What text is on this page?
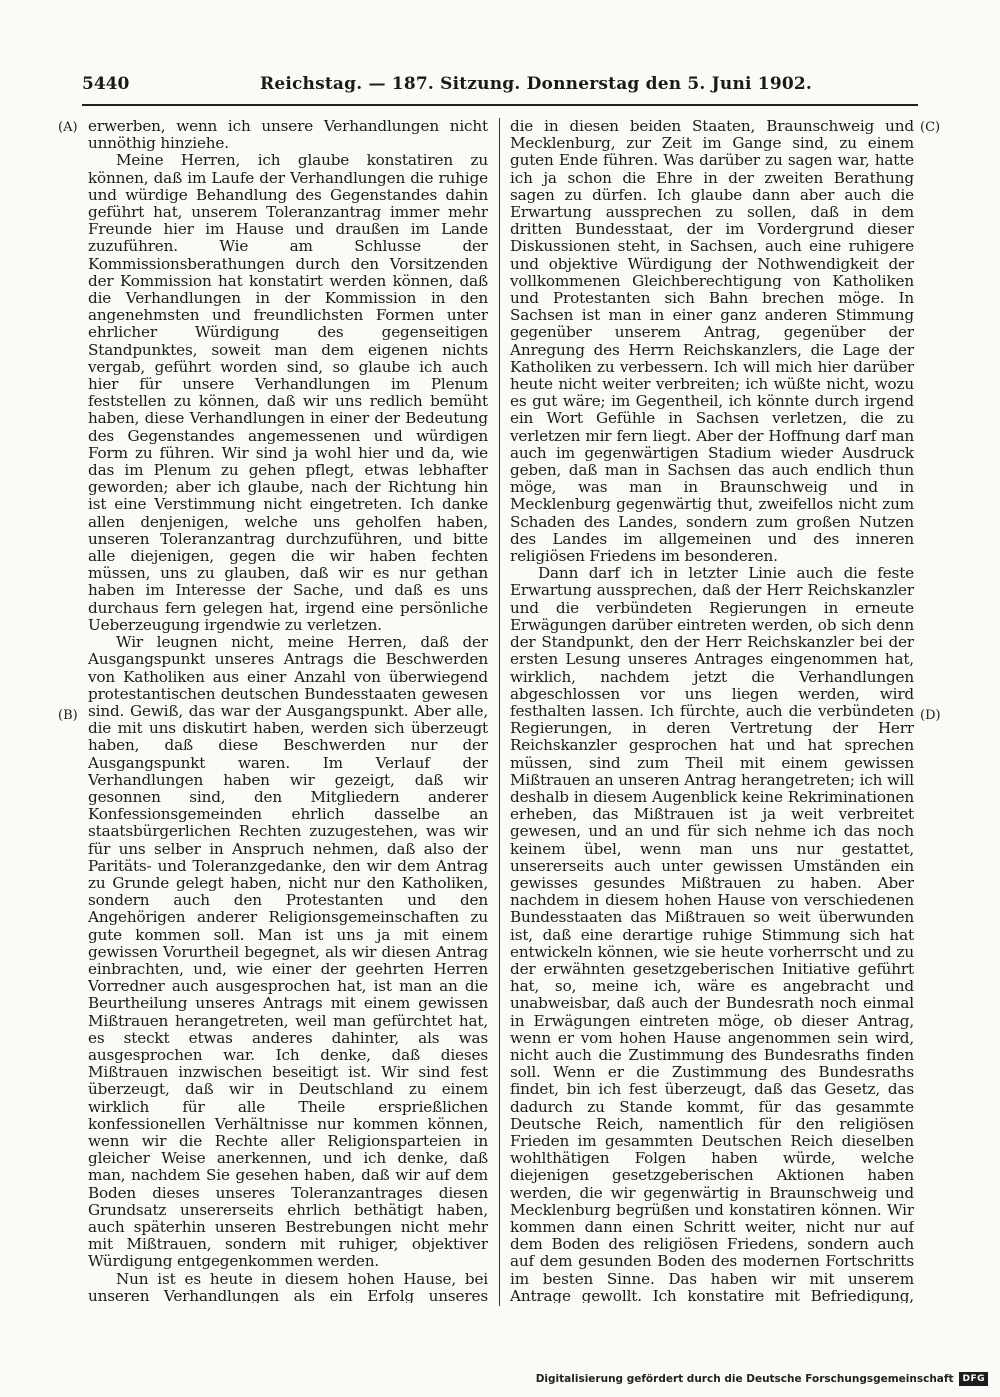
5440	Reichstag. — 187. Sitzung. Donnerstag den 5. Juni 1902.
(A)
(B)
(C)
(D)

erwerben, wenn ich unsere Verhandlungen nicht unnöthig hinziehe.

Meine Herren, ich glaube konstatiren zu können, daß im Laufe der Verhandlungen die ruhige und würdige Behandlung des Gegenstandes dahin geführt hat, unserem Toleranzantrag immer mehr Freunde hier im Hause und draußen im Lande zuzuführen. Wie am Schlusse der Kommissionsberathungen durch den Vorsitzenden der Kommission hat konstatirt werden können, daß die Verhandlungen in der Kommission in den angenehmsten und freundlichsten Formen unter ehrlicher Würdigung des gegenseitigen Standpunktes, soweit man dem eigenen nichts vergab, geführt worden sind, so glaube ich auch hier für unsere Verhandlungen im Plenum feststellen zu können, daß wir uns redlich bemüht haben, diese Verhandlungen in einer der Bedeutung des Gegenstandes angemessenen und würdigen Form zu führen. Wir sind ja wohl hier und da, wie das im Plenum zu gehen pflegt, etwas lebhafter geworden; aber ich glaube, nach der Richtung hin ist eine Verstimmung nicht eingetreten. Ich danke allen denjenigen, welche uns geholfen haben, unseren Toleranzantrag durchzuführen, und bitte alle diejenigen, gegen die wir haben fechten müssen, uns zu glauben, daß wir es nur gethan haben im Interesse der Sache, und daß es uns durchaus fern gelegen hat, irgend eine persönliche Ueberzeugung irgendwie zu verletzen.

Wir leugnen nicht, meine Herren, daß der Ausgangspunkt unseres Antrags die Beschwerden von Katholiken aus einer Anzahl von überwiegend protestantischen deutschen Bundesstaaten gewesen sind. Gewiß, das war der Ausgangspunkt. Aber alle, die mit uns diskutirt haben, werden sich überzeugt haben, daß diese Beschwerden nur der Ausgangspunkt waren. Im Verlauf der Verhandlungen haben wir gezeigt, daß wir gesonnen sind, den Mitgliedern anderer Konfessionsgemeinden ehrlich dasselbe an staatsbürgerlichen Rechten zuzugestehen, was wir für uns selber in Anspruch nehmen, daß also der Paritäts- und Toleranzgedanke, den wir dem Antrag zu Grunde gelegt haben, nicht nur den Katholiken, sondern auch den Protestanten und den Angehörigen anderer Religionsgemeinschaften zu gute kommen soll. Man ist uns ja mit einem gewissen Vorurtheil begegnet, als wir diesen Antrag einbrachten, und, wie einer der geehrten Herren Vorredner auch ausgesprochen hat, ist man an die Beurtheilung unseres Antrags mit einem gewissen Mißtrauen herangetreten, weil man gefürchtet hat, es steckt etwas anderes dahinter, als was ausgesprochen war. Ich denke, daß dieses Mißtrauen inzwischen beseitigt ist. Wir sind fest überzeugt, daß wir in Deutschland zu einem wirklich für alle Theile ersprießlichen konfessionellen Verhältnisse nur kommen können, wenn wir die Rechte aller Religionsparteien in gleicher Weise anerkennen, und ich denke, daß man, nachdem Sie gesehen haben, daß wir auf dem Boden dieses unseres Toleranzantrages diesen Grundsatz unsererseits ehrlich bethätigt haben, auch späterhin unseren Bestrebungen nicht mehr mit Mißtrauen, sondern mit ruhiger, objektiver Würdigung entgegenkommen werden.

Nun ist es heute in diesem hohen Hause, bei unseren Verhandlungen als ein Erfolg unseres

die in diesen beiden Staaten, Braunschweig und Mecklenburg, zur Zeit im Gange sind, zu einem guten Ende führen. Was darüber zu sagen war, hatte ich ja schon die Ehre in der zweiten Berathung sagen zu dürfen. Ich glaube dann aber auch die Erwartung aussprechen zu sollen, daß in dem dritten Bundesstaat, der im Vordergrund dieser Diskussionen steht, in Sachsen, auch eine ruhigere und objektive Würdigung der Nothwendigkeit der vollkommenen Gleichberechtigung von Katholiken und Protestanten sich Bahn brechen möge. In Sachsen ist man in einer ganz anderen Stimmung gegenüber unserem Antrag, gegenüber der Anregung des Herrn Reichskanzlers, die Lage der Katholiken zu verbessern. Ich will mich hier darüber heute nicht weiter verbreiten; ich wüßte nicht, wozu es gut wäre; im Gegentheil, ich könnte durch irgend ein Wort Gefühle in Sachsen verletzen, die zu verletzen mir fern liegt. Aber der Hoffnung darf man auch im gegenwärtigen Stadium wieder Ausdruck geben, daß man in Sachsen das auch endlich thun möge, was man in Braunschweig und in Mecklenburg gegenwärtig thut, zweifellos nicht zum Schaden des Landes, sondern zum großen Nutzen des Landes im allgemeinen und des inneren religiösen Friedens im besonderen.

Dann darf ich in letzter Linie auch die feste Erwartung aussprechen, daß der Herr Reichskanzler und die verbündeten Regierungen in erneute Erwägungen darüber eintreten werden, ob sich denn der Standpunkt, den der Herr Reichskanzler bei der ersten Lesung unseres Antrages eingenommen hat, wirklich, nachdem jetzt die Verhandlungen abgeschlossen vor uns liegen werden, wird festhalten lassen. Ich fürchte, auch die verbündeten Regierungen, in deren Vertretung der Herr Reichskanzler gesprochen hat und hat sprechen müssen, sind zum Theil mit einem gewissen Mißtrauen an unseren Antrag herangetreten; ich will deshalb in diesem Augenblick keine Rekriminationen erheben, das Mißtrauen ist ja weit verbreitet gewesen, und an und für sich nehme ich das noch keinem übel, wenn man uns nur gestattet, unsererseits auch unter gewissen Umständen ein gewisses gesundes Mißtrauen zu haben. Aber nachdem in diesem hohen Hause von verschiedenen Bundesstaaten das Mißtrauen so weit überwunden ist, daß eine derartige ruhige Stimmung sich hat entwickeln können, wie sie heute vorherrscht und zu der erwähnten gesetzgeberischen Initiative geführt hat, so, meine ich, wäre es angebracht und unabweisbar, daß auch der Bundesrath noch einmal in Erwägungen eintreten möge, ob dieser Antrag, wenn er vom hohen Hause angenommen sein wird, nicht auch die Zustimmung des Bundesraths finden soll. Wenn er die Zustimmung des Bundesraths findet, bin ich fest überzeugt, daß das Gesetz, das dadurch zu Stande kommt, für das gesammte Deutsche Reich, namentlich für den religiösen Frieden im gesammten Deutschen Reich dieselben wohlthätigen Folgen haben würde, welche diejenigen gesetzgeberischen Aktionen haben werden, die wir gegenwärtig in Braunschweig und Mecklenburg begrüßen und konstatiren können. Wir kommen dann einen Schritt weiter, nicht nur auf dem Boden des religiösen Friedens, sondern auch auf dem gesunden Boden des modernen Fortschritts im besten Sinne. Das haben wir mit unserem Antrage gewollt. Ich konstatire mit Befriedigung,

Digitalisierung gefördert durch die Deutsche Forschungsgemeinschaft	DFG
